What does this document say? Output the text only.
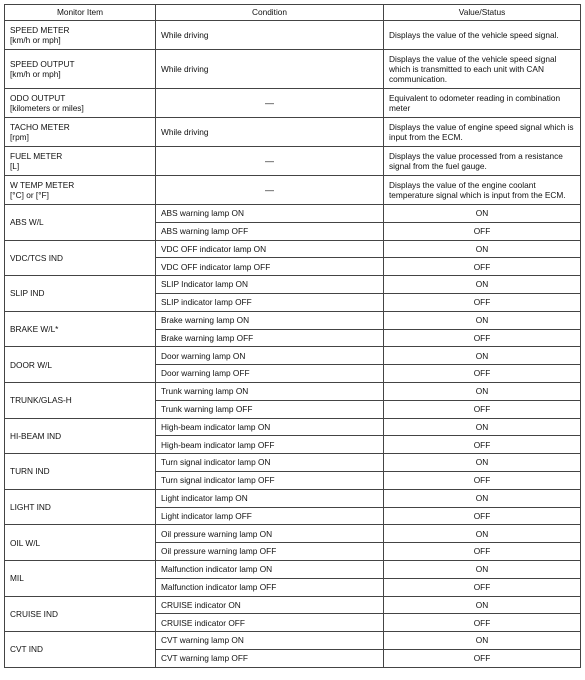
Monitor Item	Condition	Value/Status
SPEED METER
[km/h or mph]	While driving	Displays the value of the vehicle speed signal.
SPEED OUTPUT
[km/h or mph]	While driving	Displays the value of the vehicle speed signal which is transmitted to each unit with CAN communication.
ODO OUTPUT
[kilometers or miles]	—	Equivalent to odometer reading in combination meter
TACHO METER
[rpm]	While driving	Displays the value of engine speed signal which is input from the ECM.
FUEL METER
[L]	—	Displays the value processed from a resistance signal from the fuel gauge.
W TEMP METER
[°C] or [°F]	—	Displays the value of the engine coolant temperature signal which is input from the ECM.
ABS W/L	ABS warning lamp ON	ON
	ABS warning lamp OFF	OFF
VDC/TCS IND	VDC OFF indicator lamp ON	ON
	VDC OFF indicator lamp OFF	OFF
SLIP IND	SLIP Indicator lamp ON	ON
	SLIP indicator lamp OFF	OFF
BRAKE W/L*	Brake warning lamp ON	ON
	Brake warning lamp OFF	OFF
DOOR W/L	Door warning lamp ON	ON
	Door warning lamp OFF	OFF
TRUNK/GLAS-H	Trunk warning lamp ON	ON
	Trunk warning lamp OFF	OFF
HI-BEAM IND	High-beam indicator lamp ON	ON
	High-beam indicator lamp OFF	OFF
TURN IND	Turn signal indicator lamp ON	ON
	Turn signal indicator lamp OFF	OFF
LIGHT IND	Light indicator lamp ON	ON
	Light indicator lamp OFF	OFF
OIL W/L	Oil pressure warning lamp ON	ON
	Oil pressure warning lamp OFF	OFF
MIL	Malfunction indicator lamp ON	ON
	Malfunction indicator lamp OFF	OFF
CRUISE IND	CRUISE indicator ON	ON
	CRUISE indicator OFF	OFF
CVT IND	CVT warning lamp ON	ON
	CVT warning lamp OFF	OFF
